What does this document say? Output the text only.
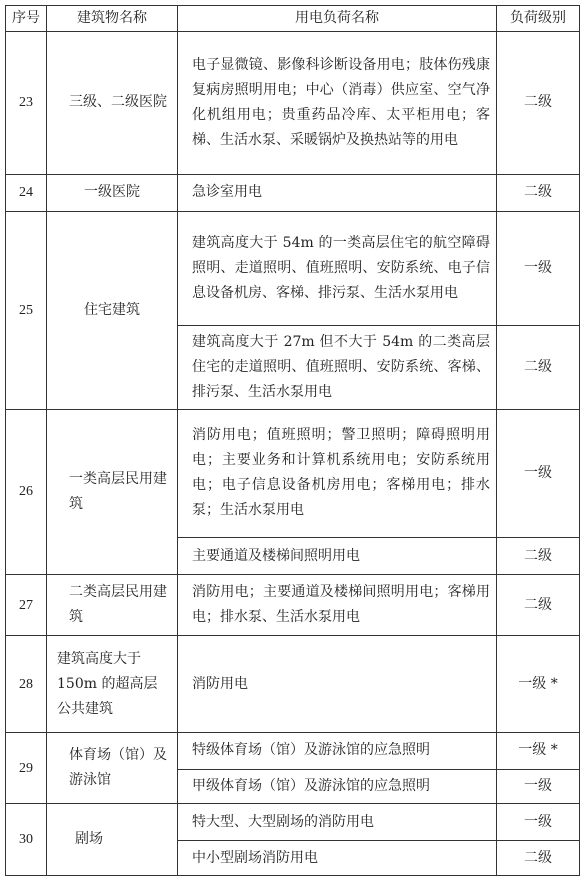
序号	建筑物名称	用电负荷名称	负荷级别
23	三级、二级医院	电子显微镜、影像科诊断设备用电；肢体伤残康复病房照明用电；中心（消毒）供应室、空气净化机组用电；贵重药品冷库、太平柜用电；客梯、生活水泵、采暖锅炉及换热站等的用电	二级
24	一级医院	急诊室用电	二级
25	住宅建筑	建筑高度大于 54m 的一类高层住宅的航空障碍照明、走道照明、值班照明、安防系统、电子信息设备机房、客梯、排污泵、生活水泵用电	一级
		建筑高度大于 27m 但不大于 54m 的二类高层住宅的走道照明、值班照明、安防系统、客梯、排污泵、生活水泵用电	二级
26	一类高层民用建筑	消防用电；值班照明；警卫照明；障碍照明用电；主要业务和计算机系统用电；安防系统用电；电子信息设备机房用电；客梯用电；排水泵；生活水泵用电	一级
		主要通道及楼梯间照明用电	二级
27	二类高层民用建筑	消防用电；主要通道及楼梯间照明用电；客梯用电；排水泵、生活水泵用电	二级
28	建筑高度大于 150m 的超高层公共建筑	消防用电	一级 *
29	体育场（馆）及游泳馆	特级体育场（馆）及游泳馆的应急照明	一级 *
		甲级体育场（馆）及游泳馆的应急照明	一级
30	剧场	特大型、大型剧场的消防用电	一级
		中小型剧场消防用电	二级
